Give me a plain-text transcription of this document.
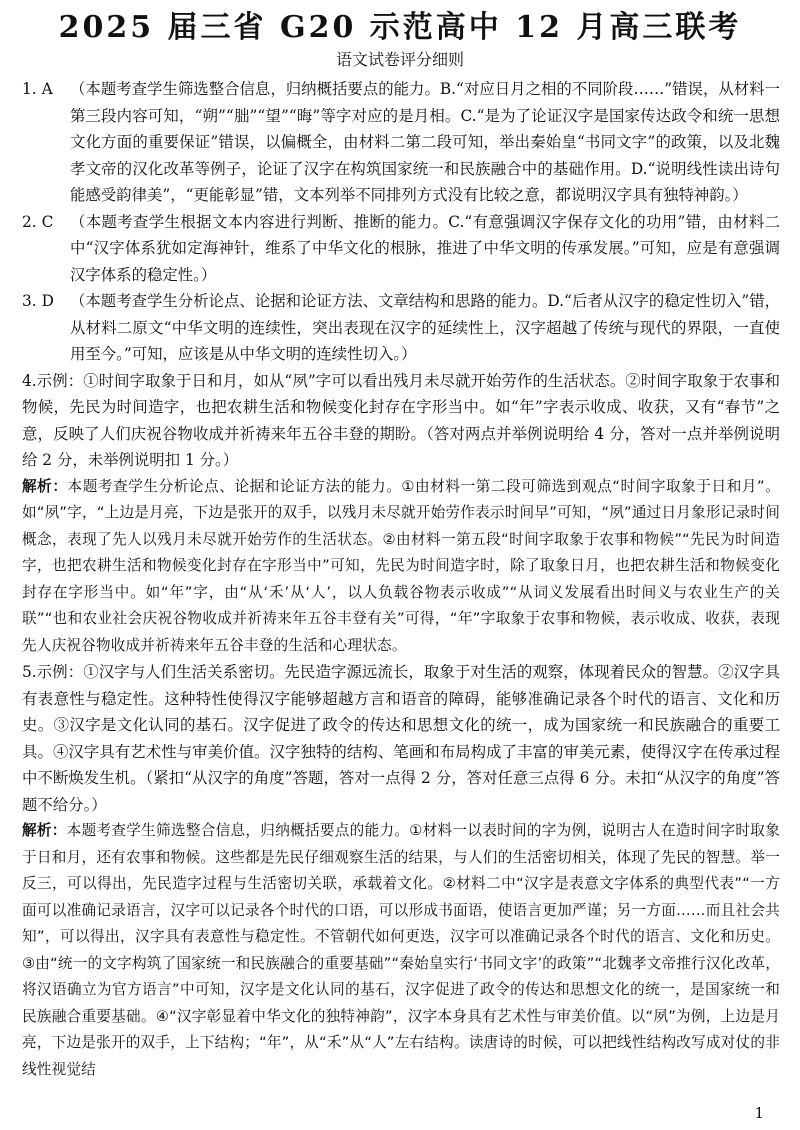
2025 届三省 G20 示范高中 12 月高三联考
语文试卷评分细则
1. A （本题考查学生筛选整合信息，归纳概括要点的能力。B.“对应日月之相的不同阶段……”错误，从材料一第三段内容可知，“朔”“朏”“望”“晦”等字对应的是月相。C.“是为了论证汉字是国家传达政令和统一思想文化方面的重要保证”错误，以偏概全，由材料二第二段可知，举出秦始皇“书同文字”的政策，以及北魏孝文帝的汉化改革等例子，论证了汉字在构筑国家统一和民族融合中的基础作用。D.“说明线性读出诗句能感受韵律美”，“更能彰显”错，文本列举不同排列方式没有比较之意，都说明汉字具有独特神韵。）

2. C （本题考查学生根据文本内容进行判断、推断的能力。C.“有意强调汉字保存文化的功用”错，由材料二中“汉字体系犹如定海神针，维系了中华文化的根脉，推进了中华文明的传承发展。”可知，应是有意强调汉字体系的稳定性。）

3. D （本题考查学生分析论点、论据和论证方法、文章结构和思路的能力。D.“后者从汉字的稳定性切入”错，从材料二原文“中华文明的连续性，突出表现在汉字的延续性上，汉字超越了传统与现代的界限，一直使用至今。”可知，应该是从中华文明的连续性切入。）

4.示例：①时间字取象于日和月，如从“夙”字可以看出残月未尽就开始劳作的生活状态。②时间字取象于农事和物候，先民为时间造字，也把农耕生活和物候变化封存在字形当中。如“年”字表示收成、收获，又有“春节”之意，反映了人们庆祝谷物收成并祈祷来年五谷丰登的期盼。（答对两点并举例说明给 4 分，答对一点并举例说明给 2 分，未举例说明扣 1 分。）

解析：本题考查学生分析论点、论据和论证方法的能力。①由材料一第二段可筛选到观点“时间字取象于日和月”。如“夙”字，“上边是月亮，下边是张开的双手，以残月未尽就开始劳作表示时间早”可知，“夙”通过日月象形记录时间概念，表现了先人以残月未尽就开始劳作的生活状态。②由材料一第五段“时间字取象于农事和物候”“先民为时间造字，也把农耕生活和物候变化封存在字形当中”可知，先民为时间造字时，除了取象日月，也把农耕生活和物候变化封存在字形当中。如“年”字，由“从‘禾’从‘人’，以人负载谷物表示收成”“从词义发展看出时间义与农业生产的关联”“也和农业社会庆祝谷物收成并祈祷来年五谷丰登有关”可得，“年”字取象于农事和物候，表示收成、收获，表现先人庆祝谷物收成并祈祷来年五谷丰登的生活和心理状态。

5.示例：①汉字与人们生活关系密切。先民造字源远流长，取象于对生活的观察，体现着民众的智慧。②汉字具有表意性与稳定性。这种特性使得汉字能够超越方言和语音的障碍，能够准确记录各个时代的语言、文化和历史。③汉字是文化认同的基石。汉字促进了政令的传达和思想文化的统一，成为国家统一和民族融合的重要工具。④汉字具有艺术性与审美价值。汉字独特的结构、笔画和布局构成了丰富的审美元素，使得汉字在传承过程中不断焕发生机。（紧扣“从汉字的角度”答题，答对一点得 2 分，答对任意三点得 6 分。未扣“从汉字的角度”答题不给分。）

解析：本题考查学生筛选整合信息，归纳概括要点的能力。①材料一以表时间的字为例，说明古人在造时间字时取象于日和月，还有农事和物候。这些都是先民仔细观察生活的结果，与人们的生活密切相关，体现了先民的智慧。举一反三，可以得出，先民造字过程与生活密切关联，承载着文化。②材料二中“汉字是表意文字体系的典型代表”“一方面可以准确记录语言，汉字可以记录各个时代的口语，可以形成书面语，使语言更加严谨；另一方面……而且社会共知”，可以得出，汉字具有表意性与稳定性。不管朝代如何更迭，汉字可以准确记录各个时代的语言、文化和历史。③由“统一的文字构筑了国家统一和民族融合的重要基础”“秦始皇实行‘书同文字’的政策”“北魏孝文帝推行汉化改革，将汉语确立为官方语言”中可知，汉字是文化认同的基石，汉字促进了政令的传达和思想文化的统一，是国家统一和民族融合重要基础。④“汉字彰显着中华文化的独特神韵”，汉字本身具有艺术性与审美价值。以“夙”为例，上边是月亮，下边是张开的双手，上下结构；“年”，从“禾”从“人”左右结构。读唐诗的时候，可以把线性结构改写成对仗的非线性视觉结

1
